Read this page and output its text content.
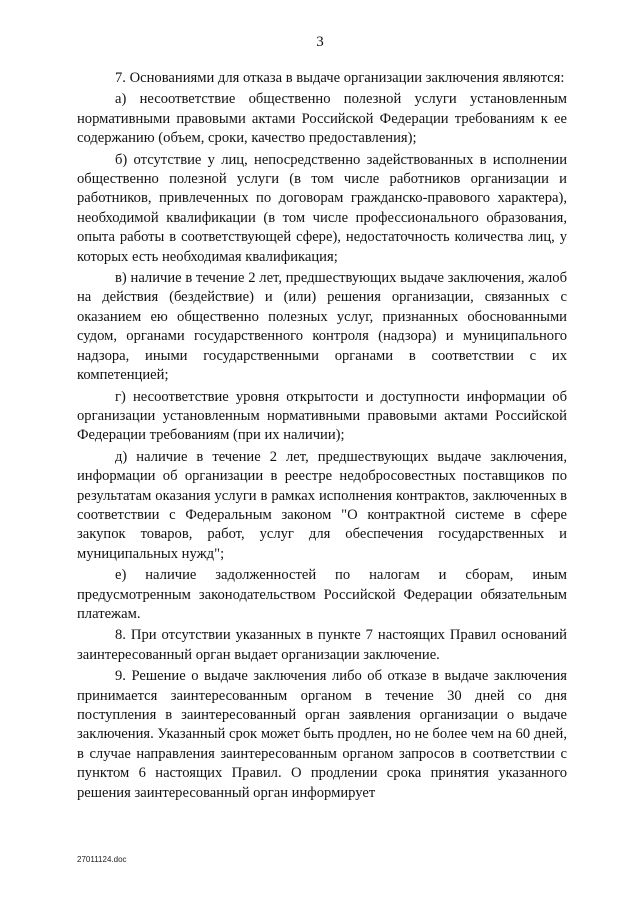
3

7. Основаниями для отказа в выдаче организации заключения являются:

а) несоответствие общественно полезной услуги установленным нормативными правовыми актами Российской Федерации требованиям к ее содержанию (объем, сроки, качество предоставления);

б) отсутствие у лиц, непосредственно задействованных в исполнении общественно полезной услуги (в том числе работников организации и работников, привлеченных по договорам гражданско-правового характера), необходимой квалификации (в том числе профессионального образования, опыта работы в соответствующей сфере), недостаточность количества лиц, у которых есть необходимая квалификация;

в) наличие в течение 2 лет, предшествующих выдаче заключения, жалоб на действия (бездействие) и (или) решения организации, связанных с оказанием ею общественно полезных услуг, признанных обоснованными судом, органами государственного контроля (надзора) и муниципального надзора, иными государственными органами в соответствии с их компетенцией;

г) несоответствие уровня открытости и доступности информации об организации установленным нормативными правовыми актами Российской Федерации требованиям (при их наличии);

д) наличие в течение 2 лет, предшествующих выдаче заключения, информации об организации в реестре недобросовестных поставщиков по результатам оказания услуги в рамках исполнения контрактов, заключенных в соответствии с Федеральным законом "О контрактной системе в сфере закупок товаров, работ, услуг для обеспечения государственных и муниципальных нужд";

е) наличие задолженностей по налогам и сборам, иным предусмотренным законодательством Российской Федерации обязательным платежам.

8. При отсутствии указанных в пункте 7 настоящих Правил оснований заинтересованный орган выдает организации заключение.

9. Решение о выдаче заключения либо об отказе в выдаче заключения принимается заинтересованным органом в течение 30 дней со дня поступления в заинтересованный орган заявления организации о выдаче заключения. Указанный срок может быть продлен, но не более чем на 60 дней, в случае направления заинтересованным органом запросов в соответствии с пунктом 6 настоящих Правил. О продлении срока принятия указанного решения заинтересованный орган информирует

27011124.doc
